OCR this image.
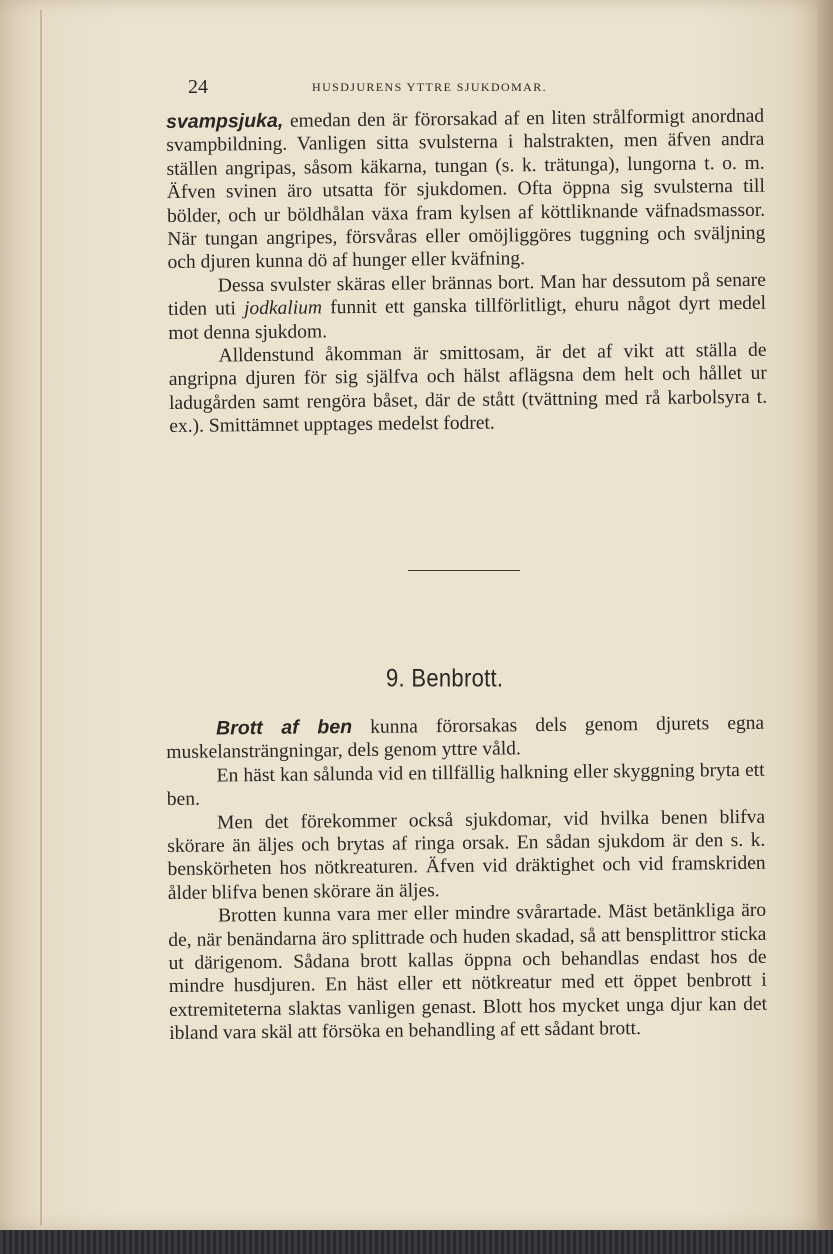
24	HUSDJURENS YTTRE SJUKDOMAR.

svampsjuka, emedan den är förorsakad af en liten strålformigt anordnad svampbildning. Vanligen sitta svulsterna i halstrakten, men äfven andra ställen angripas, såsom käkarna, tungan (s. k. trätunga), lungorna t. o. m. Äfven svinen äro utsatta för sjukdomen. Ofta öppna sig svulsterna till bölder, och ur böldhålan växa fram kylsen af köttliknande väfnadsmassor. När tungan angripes, försvåras eller omöjliggöres tuggning och sväljning och djuren kunna dö af hunger eller kväfning.

Dessa svulster skäras eller brännas bort. Man har dessutom på senare tiden uti jodkalium funnit ett ganska tillförlitligt, ehuru något dyrt medel mot denna sjukdom.

Alldenstund åkomman är smittosam, är det af vikt att ställa de angripna djuren för sig själfva och hälst aflägsna dem helt och hållet ur ladugården samt rengöra båset, där de stått (tvättning med rå karbolsyra t. ex.). Smittämnet upptages medelst fodret.

9. Benbrott.

Brott af ben kunna förorsakas dels genom djurets egna muskelansträngningar, dels genom yttre våld.

En häst kan sålunda vid en tillfällig halkning eller skyggning bryta ett ben.

Men det förekommer också sjukdomar, vid hvilka benen blifva skörare än äljes och brytas af ringa orsak. En sådan sjukdom är den s. k. benskörheten hos nötkreaturen. Äfven vid dräktighet och vid framskriden ålder blifva benen skörare än äljes.

Brotten kunna vara mer eller mindre svårartade. Mäst betänkliga äro de, när benändarna äro splittrade och huden skadad, så att bensplittror sticka ut därigenom. Sådana brott kallas öppna och behandlas endast hos de mindre husdjuren. En häst eller ett nötkreatur med ett öppet benbrott i extremiteterna slaktas vanligen genast. Blott hos mycket unga djur kan det ibland vara skäl att försöka en behandling af ett sådant brott.
